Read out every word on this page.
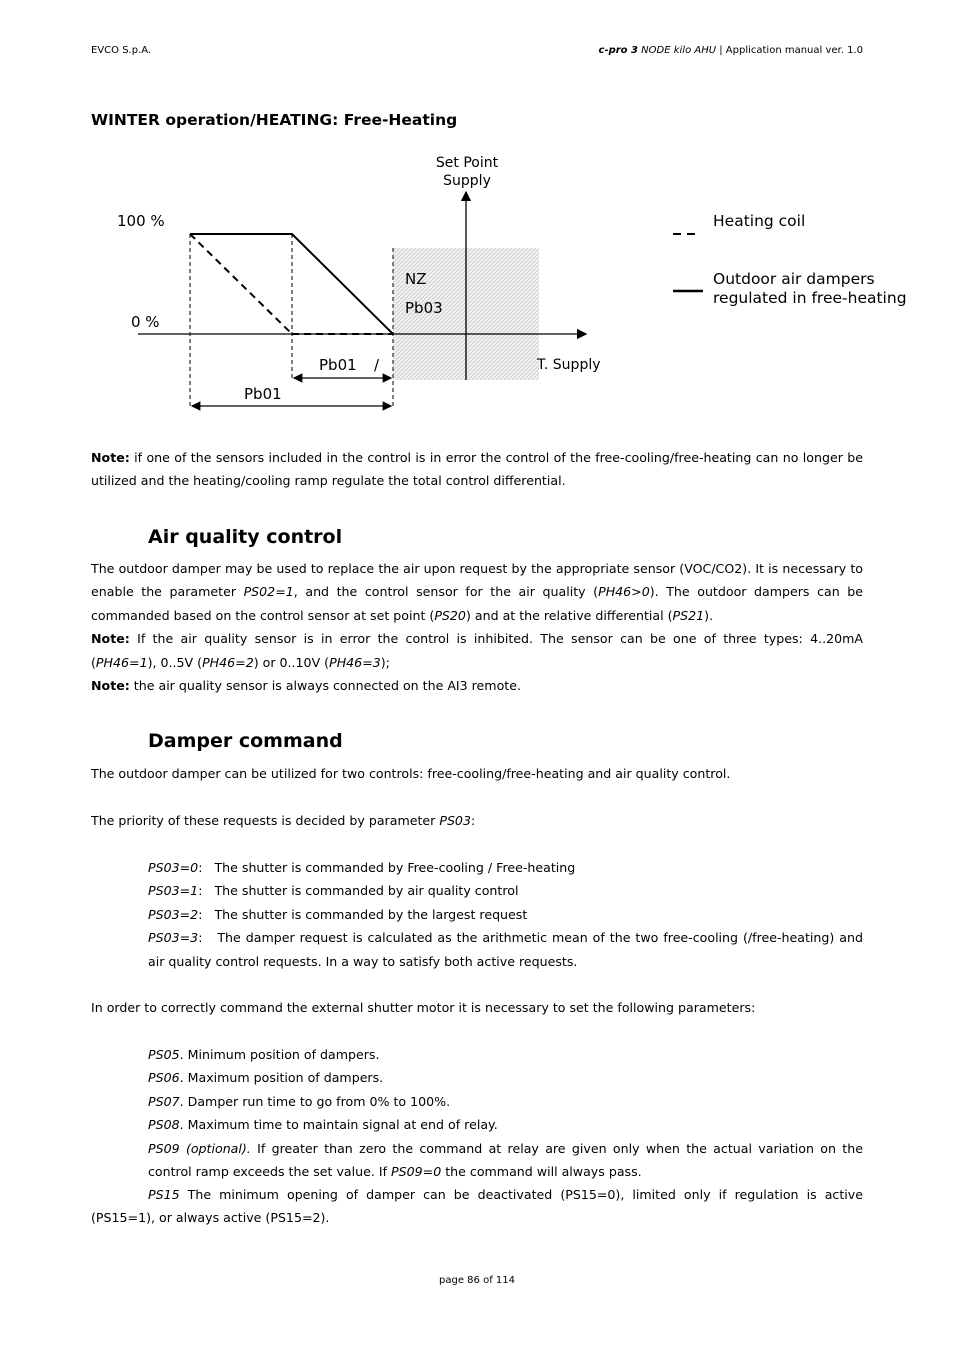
EVCO S.p.A.	c-pro 3 NODE kilo AHU | Application manual ver. 1.0
WINTER operation/HEATING: Free-Heating
Set Point
Supply
100 %
0 %
NZ
Pb03
Pb01 /
Pb01
T. Supply
Heating coil
Outdoor air dampers
regulated in free-heating

Note: if one of the sensors included in the control is in error the control of the free-cooling/free-heating can no longer be utilized and the heating/cooling ramp regulate the total control differential.

Air quality control

The outdoor damper may be used to replace the air upon request by the appropriate sensor (VOC/CO2). It is necessary to enable the parameter PS02=1, and the control sensor for the air quality (PH46>0). The outdoor dampers can be commanded based on the control sensor at set point (PS20) and at the relative differential (PS21).

Note: If the air quality sensor is in error the control is inhibited. The sensor can be one of three types: 4..20mA (PH46=1), 0..5V (PH46=2) or 0..10V (PH46=3);

Note: the air quality sensor is always connected on the AI3 remote.

Damper command

The outdoor damper can be utilized for two controls: free-cooling/free-heating and air quality control.

The priority of these requests is decided by parameter PS03:

PS03=0:   The shutter is commanded by Free-cooling / Free-heating

PS03=1:   The shutter is commanded by air quality control

PS03=2:   The shutter is commanded by the largest request

PS03=3:   The damper request is calculated as the arithmetic mean of the two free-cooling (/free-heating) and air quality control requests. In a way to satisfy both active requests.

In order to correctly command the external shutter motor it is necessary to set the following parameters:

PS05. Minimum position of dampers.

PS06. Maximum position of dampers.

PS07. Damper run time to go from 0% to 100%.

PS08. Maximum time to maintain signal at end of relay.

PS09 (optional). If greater than zero the command at relay are given only when the actual variation on the control ramp exceeds the set value. If PS09=0 the command will always pass.

PS15 The minimum opening of damper can be deactivated (PS15=0), limited only if regulation is active (PS15=1), or always active (PS15=2).

page 86 of 114
